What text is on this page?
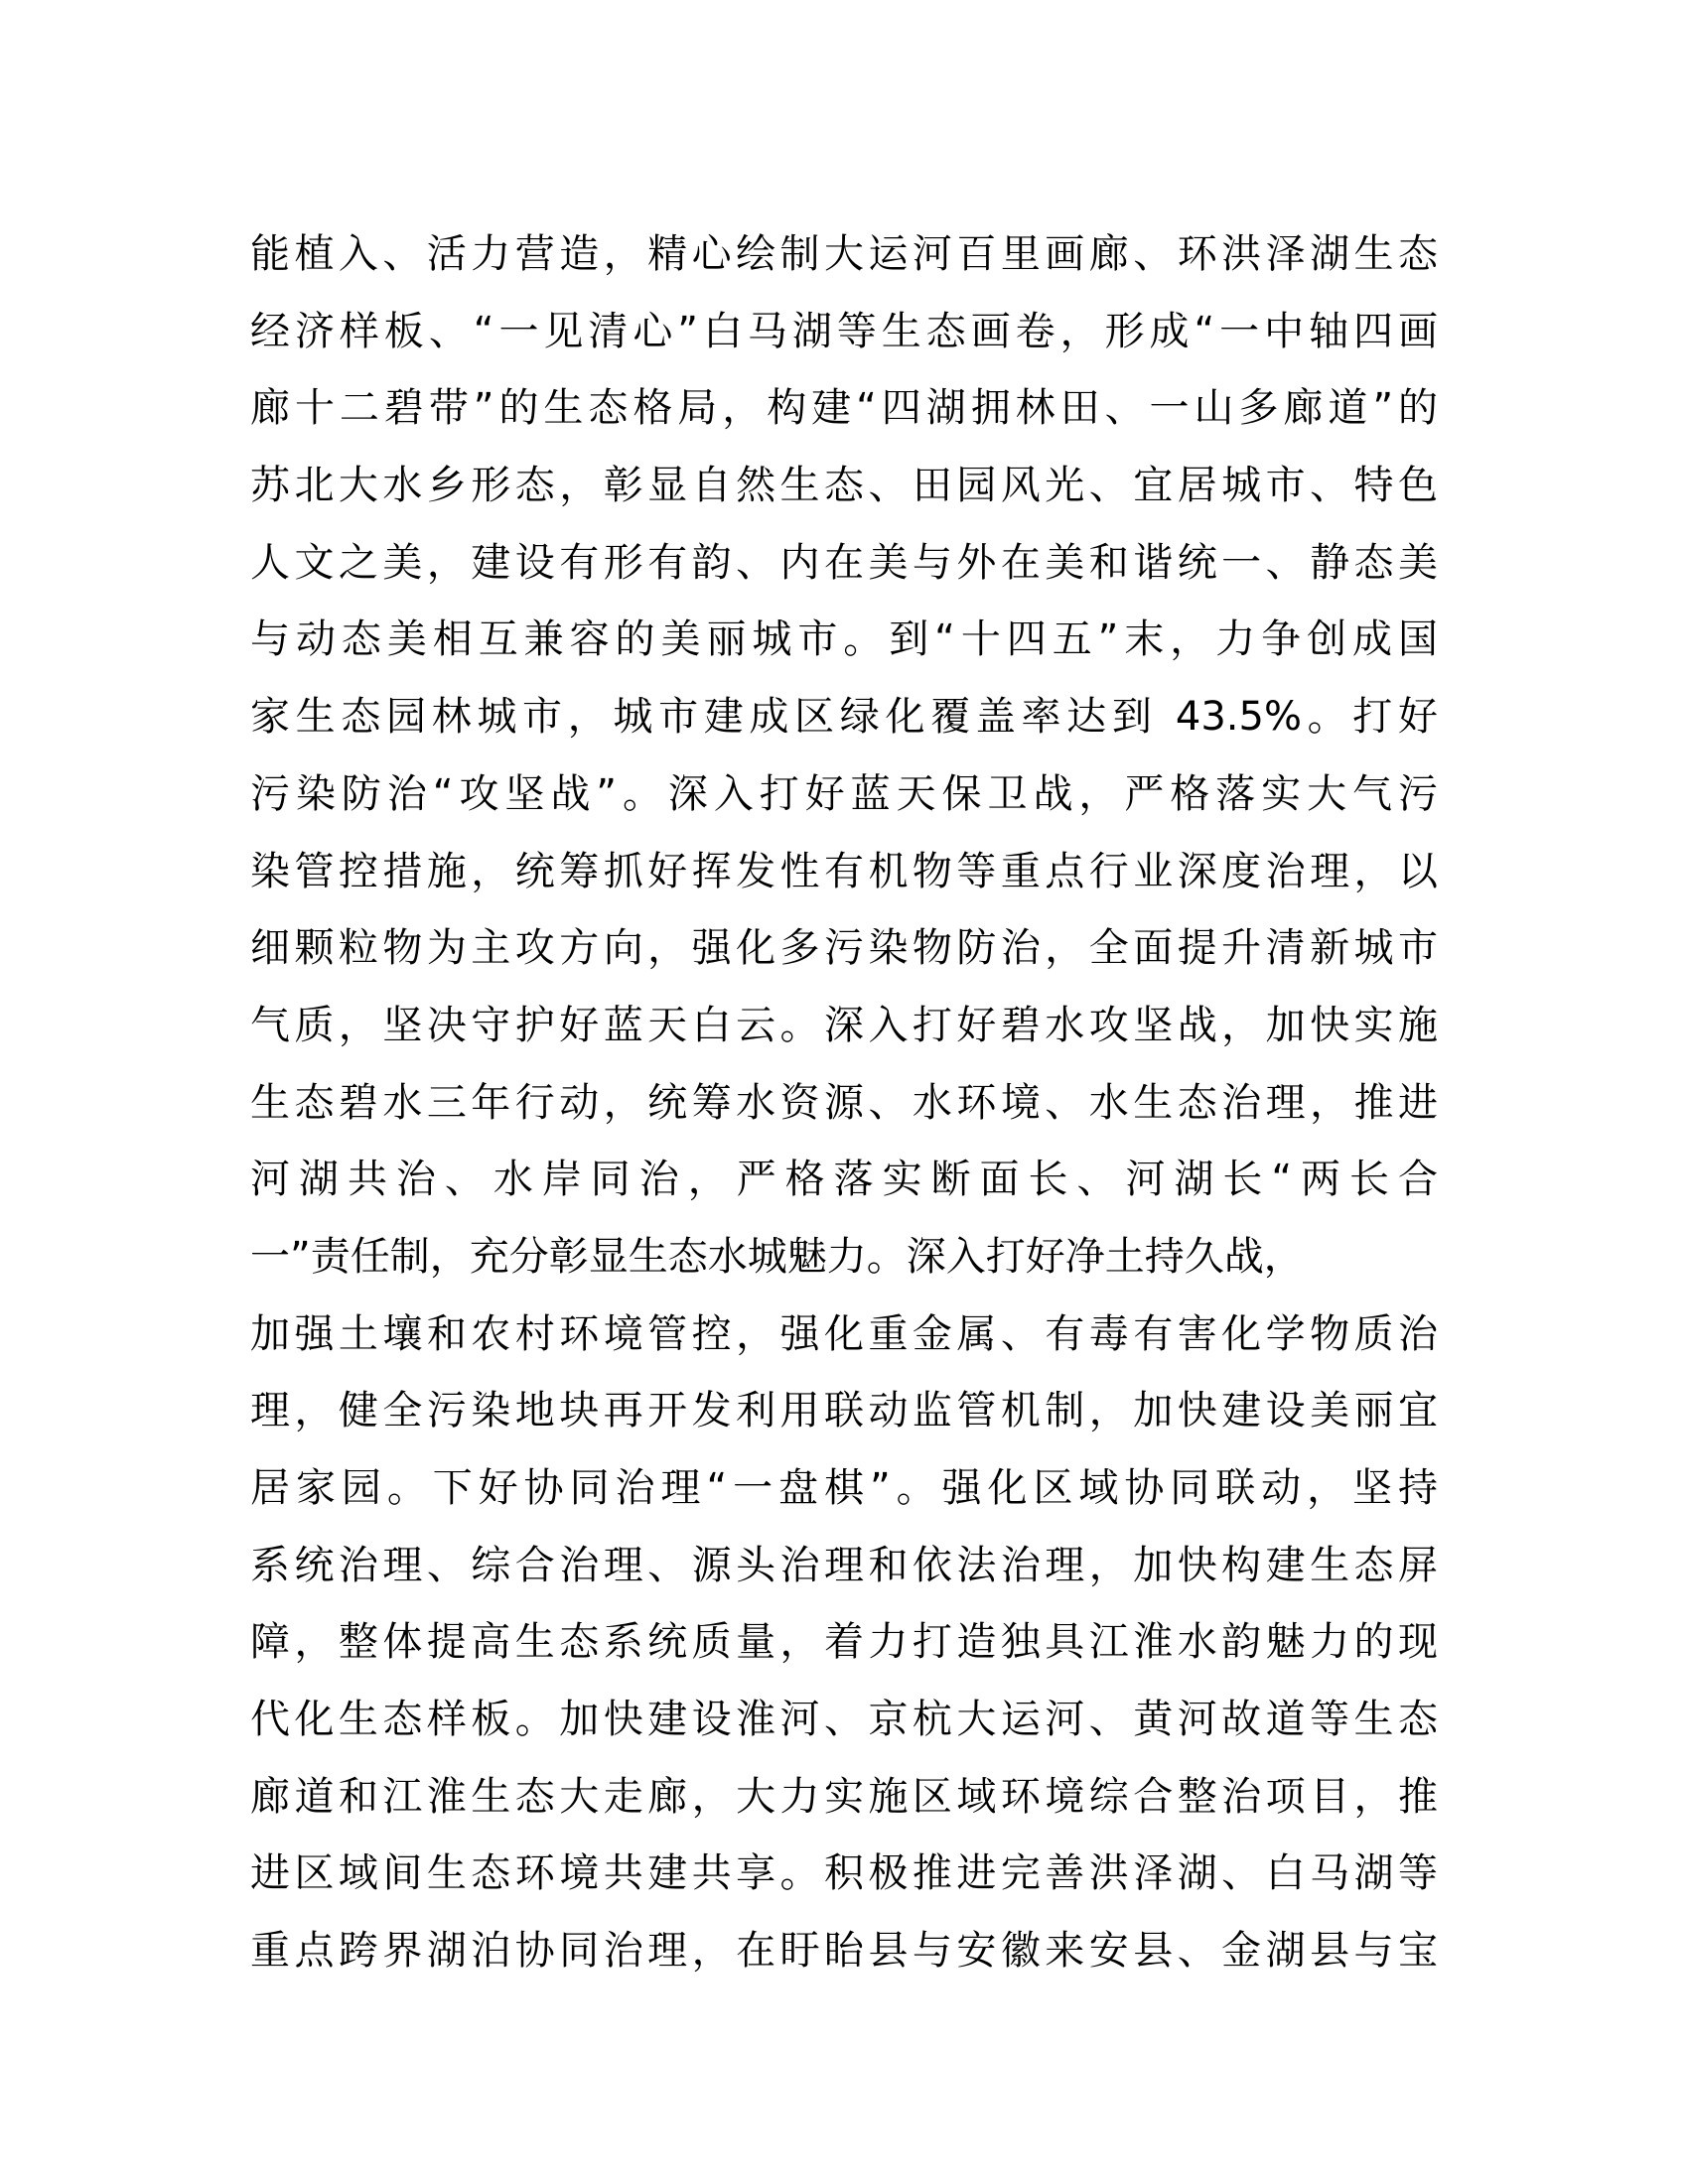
能植入、活力营造，精心绘制大运河百里画廊、环洪泽湖生态
经济样板、“一见清心”白马湖等生态画卷，形成“一中轴四画
廊十二碧带”的生态格局，构建“四湖拥林田、一山多廊道”的
苏北大水乡形态，彰显自然生态、田园风光、宜居城市、特色
人文之美，建设有形有韵、内在美与外在美和谐统一、静态美
与动态美相互兼容的美丽城市。到“十四五”末，力争创成国
家生态园林城市，城市建成区绿化覆盖率达到 43.5%。打好
污染防治“攻坚战”。深入打好蓝天保卫战，严格落实大气污
染管控措施，统筹抓好挥发性有机物等重点行业深度治理，以
细颗粒物为主攻方向，强化多污染物防治，全面提升清新城市
气质，坚决守护好蓝天白云。深入打好碧水攻坚战，加快实施
生态碧水三年行动，统筹水资源、水环境、水生态治理，推进
河湖共治、水岸同治，严格落实断面长、河湖长“两长合
一”责任制，充分彰显生态水城魅力。深入打好净土持久战，
加强土壤和农村环境管控，强化重金属、有毒有害化学物质治
理，健全污染地块再开发利用联动监管机制，加快建设美丽宜
居家园。下好协同治理“一盘棋”。强化区域协同联动，坚持
系统治理、综合治理、源头治理和依法治理，加快构建生态屏
障，整体提高生态系统质量，着力打造独具江淮水韵魅力的现
代化生态样板。加快建设淮河、京杭大运河、黄河故道等生态
廊道和江淮生态大走廊，大力实施区域环境综合整治项目，推
进区域间生态环境共建共享。积极推进完善洪泽湖、白马湖等
重点跨界湖泊协同治理，在盱眙县与安徽来安县、金湖县与宝
